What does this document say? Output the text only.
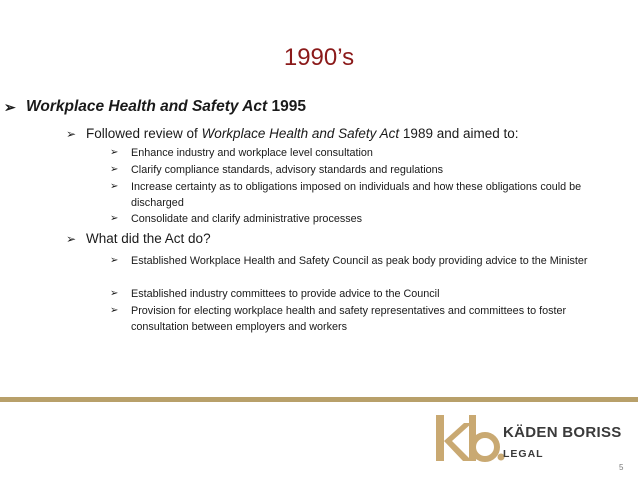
1990’s
➢ Workplace Health and Safety Act 1995
➢ Followed review of Workplace Health and Safety Act 1989 and aimed to:
➢	Enhance industry and workplace level consultation
➢	Clarify compliance standards, advisory standards and regulations
➢	Increase certainty as to obligations imposed on individuals and how these obligations could be discharged
➢	Consolidate and clarify administrative processes
➢ What did the Act do?
➢	Established Workplace Health and Safety Council as peak body providing advice to the Minister
➢	Established industry committees to provide advice to the Council
➢	Provision for electing workplace health and safety representatives and committees to foster consultation between employers and workers
KÄDEN BORISS
LEGAL
5
